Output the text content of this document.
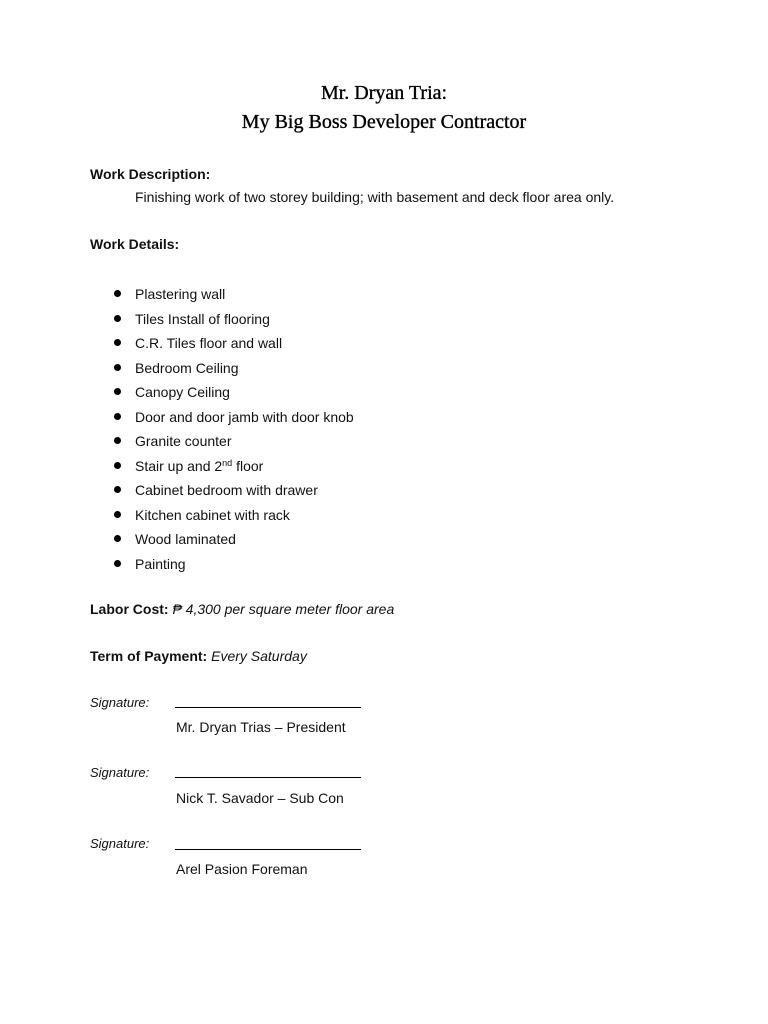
Mr. Dryan Tria:
My Big Boss Developer Contractor
Work Description:
Finishing work of two storey building; with basement and deck floor area only.
Work Details:
Plastering wall
Tiles Install of flooring
C.R. Tiles floor and wall
Bedroom Ceiling
Canopy Ceiling
Door and door jamb with door knob
Granite counter
Stair up and 2nd floor
Cabinet bedroom with drawer
Kitchen cabinet with rack
Wood laminated
Painting
Labor Cost: ₱ 4,300 per square meter floor area
Term of Payment: Every Saturday
Signature:
Mr. Dryan Trias – President
Signature:
Nick T. Savador – Sub Con
Signature:
Arel Pasion Foreman
